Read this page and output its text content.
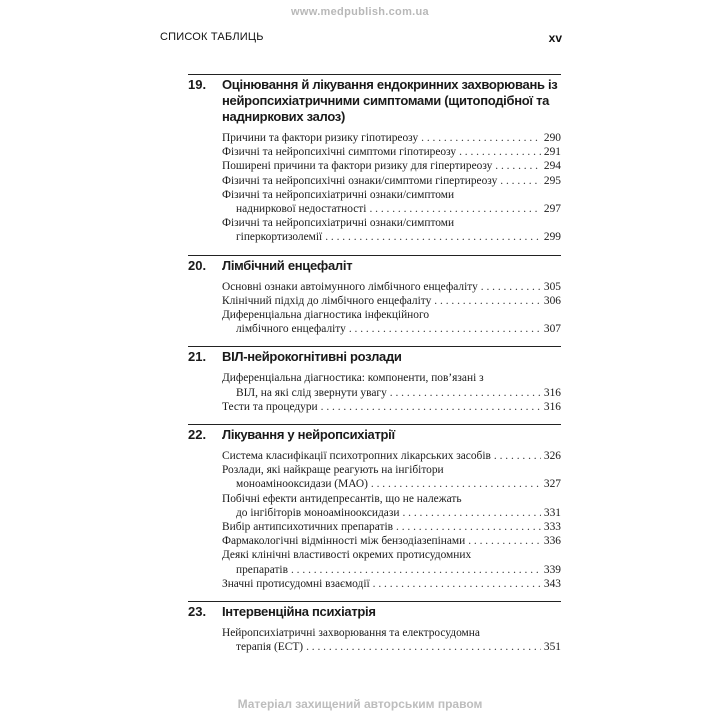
www.medpublish.com.ua
СПИСОК ТАБЛИЦЬ	xv
19.	Оцінювання й лікування ендокринних захворювань із нейропсихіатричними симптомами (щитоподібної та надниркових залоз)
Причини та фактори ризику гіпотиреозу . . .	290
Фізичні та нейропсихічні симптоми гіпотиреозу . . .	291
Поширені причини та фактори ризику для гіпертиреозу . . .	294
Фізичні та нейропсихічні ознаки/симптоми гіпертиреозу . . .	295
Фізичні та нейропсихіатричні ознаки/симптоми
надниркової недостатності . . .	297
Фізичні та нейропсихіатричні ознаки/симптоми
гіперкортизолемії . . .	299
20.	Лімбічний енцефаліт
Основні ознаки автоімунного лімбічного енцефаліту . . .	305
Клінічний підхід до лімбічного енцефаліту . . .	306
Диференціальна діагностика інфекційного
лімбічного енцефаліту . . .	307
21.	ВІЛ-нейрокогнітивні розлади
Диференціальна діагностика: компоненти, пов’язані з
ВІЛ, на які слід звернути увагу . . .	316
Тести та процедури . . .	316
22.	Лікування у нейропсихіатрії
Система класифікації психотропних лікарських засобів . . .	326
Розлади, які найкраще реагують на інгібітори
моноамінооксидази (МАО) . . .	327
Побічні ефекти антидепресантів, що не належать
до інгібіторів моноамінооксидази . . .	331
Вибір антипсихотичних препаратів . . .	333
Фармакологічні відмінності між бензодіазепінами . . .	336
Деякі клінічні властивості окремих протисудомних
препаратів . . .	339
Значні протисудомні взаємодії . . .	343
23.	Інтервенційна психіатрія
Нейропсихіатричні захворювання та електросудомна
терапія (ЕСТ) . . .	351
Матеріал захищений авторським правом
